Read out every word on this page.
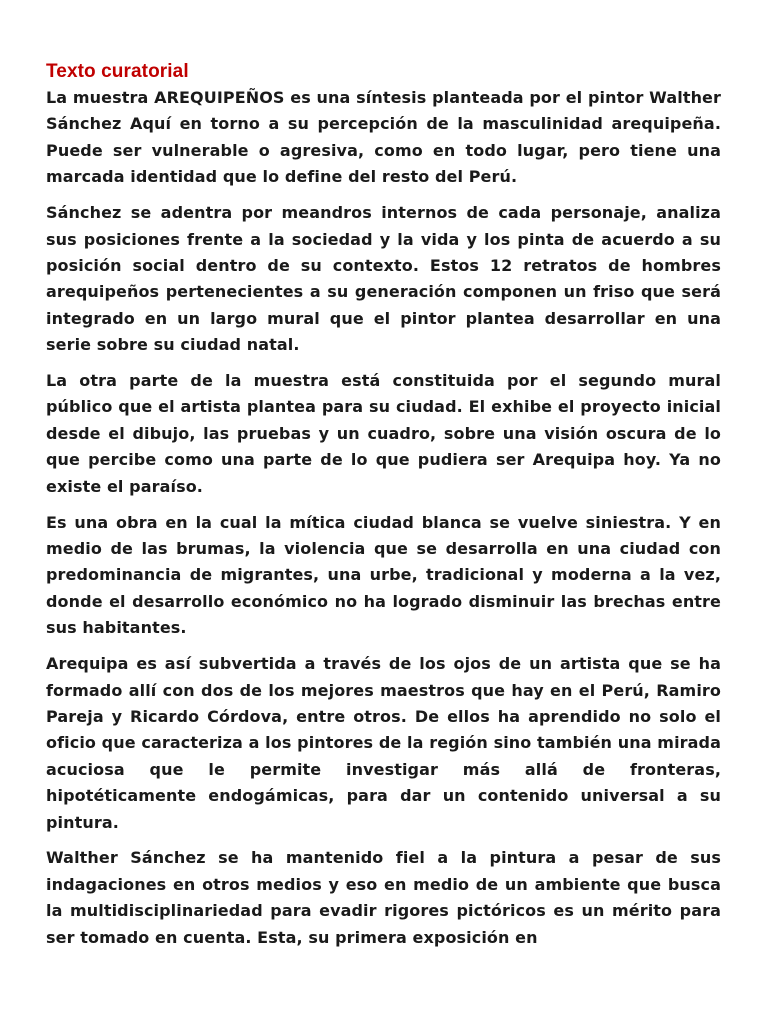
Texto curatorial

La muestra AREQUIPEÑOS es una síntesis planteada por el pintor Walther Sánchez Aquí en torno a su percepción de la masculinidad arequipeña. Puede ser vulnerable o agresiva, como en todo lugar, pero tiene una marcada identidad que lo define del resto del Perú.

Sánchez se adentra por meandros internos de cada personaje, analiza sus posiciones frente a la sociedad y la vida y los pinta de acuerdo a su posición social dentro de su contexto. Estos 12 retratos de hombres arequipeños pertenecientes a su generación componen un friso que será integrado en un largo mural que el pintor plantea desarrollar en una serie sobre su ciudad natal.

La otra parte de la muestra está constituida por el segundo mural público que el artista plantea para su ciudad. El exhibe el proyecto inicial desde el dibujo, las pruebas y un cuadro, sobre una visión oscura de lo que percibe como una parte de lo que pudiera ser Arequipa hoy. Ya no existe el paraíso.

Es una obra en la cual la mítica ciudad blanca se vuelve siniestra. Y en medio de las brumas, la violencia que se desarrolla en una ciudad con predominancia de migrantes, una urbe, tradicional y moderna a la vez, donde el desarrollo económico no ha logrado disminuir las brechas entre sus habitantes.

Arequipa es así subvertida a través de los ojos de un artista que se ha formado allí con dos de los mejores maestros que hay en el Perú, Ramiro Pareja y Ricardo Córdova, entre otros. De ellos ha aprendido no solo el oficio que caracteriza a los pintores de la región sino también una mirada acuciosa que le permite investigar más allá de fronteras, hipotéticamente endogámicas, para dar un contenido universal a su pintura.

Walther Sánchez se ha mantenido fiel a la pintura a pesar de sus indagaciones en otros medios y eso en medio de un ambiente que busca la multidisciplinariedad para evadir rigores pictóricos es un mérito para ser tomado en cuenta. Esta, su primera exposición en
